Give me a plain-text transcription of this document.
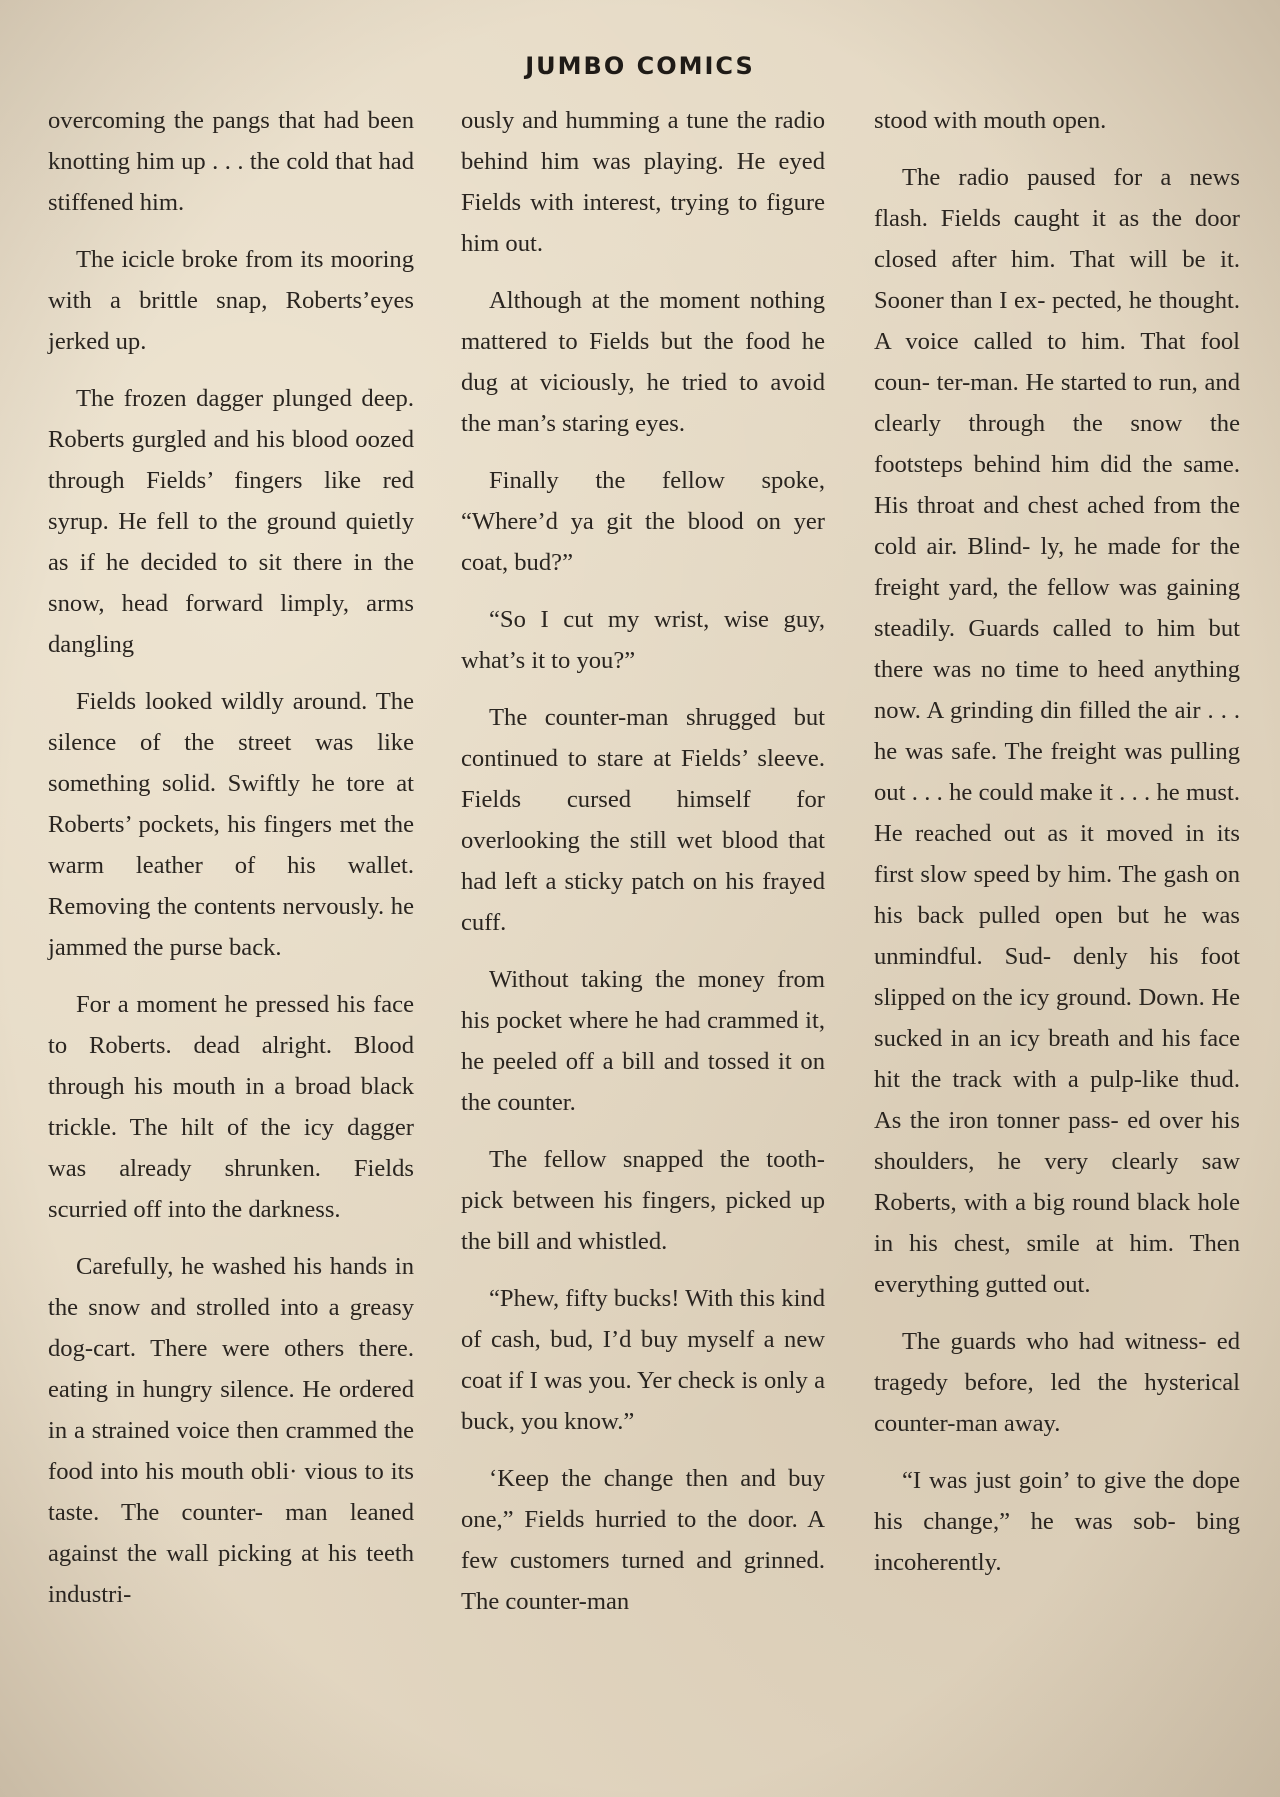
JUMBO COMICS

overcoming the pangs that had been knotting him up . . . the cold that had stiffened him.

The icicle broke from its mooring with a brittle snap, Roberts’eyes jerked up.

The frozen dagger plunged deep. Roberts gurgled and his blood oozed through Fields’ fingers like red syrup. He fell to the ground quietly as if he decided to sit there in the snow, head forward limply, arms dangling

Fields looked wildly around. The silence of the street was like something solid. Swiftly he tore at Roberts’ pockets, his fingers met the warm leather of his wallet. Removing the contents nervously. he jammed the purse back.

For a moment he pressed his face to Roberts. dead alright. Blood through his mouth in a broad black trickle. The hilt of the icy dagger was already shrunken. Fields scurried off into the darkness.

Carefully, he washed his hands in the snow and strolled into a greasy dog-cart. There were others there. eating in hungry silence. He ordered in a strained voice then crammed the food into his mouth obli· vious to its taste. The counter- man leaned against the wall picking at his teeth industri-

ously and humming a tune the radio behind him was playing. He eyed Fields with interest, trying to figure him out.

Although at the moment nothing mattered to Fields but the food he dug at viciously, he tried to avoid the man’s staring eyes.

Finally the fellow spoke, “Where’d ya git the blood on yer coat, bud?”

“So I cut my wrist, wise guy, what’s it to you?”

The counter-man shrugged but continued to stare at Fields’ sleeve. Fields cursed himself for overlooking the still wet blood that had left a sticky patch on his frayed cuff.

Without taking the money from his pocket where he had crammed it, he peeled off a bill and tossed it on the counter.

The fellow snapped the tooth-pick between his fingers, picked up the bill and whistled.

“Phew, fifty bucks! With this kind of cash, bud, I’d buy myself a new coat if I was you. Yer check is only a buck, you know.”

‘Keep the change then and buy one,” Fields hurried to the door. A few customers turned and grinned. The counter-man

stood with mouth open.

The radio paused for a news flash. Fields caught it as the door closed after him. That will be it. Sooner than I ex- pected, he thought. A voice called to him. That fool coun- ter-man. He started to run, and clearly through the snow the footsteps behind him did the same. His throat and chest ached from the cold air. Blind- ly, he made for the freight yard, the fellow was gaining steadily. Guards called to him but there was no time to heed anything now. A grinding din filled the air . . . he was safe. The freight was pulling out . . . he could make it . . . he must. He reached out as it moved in its first slow speed by him. The gash on his back pulled open but he was unmindful. Sud- denly his foot slipped on the icy ground. Down. He sucked in an icy breath and his face hit the track with a pulp-like thud. As the iron tonner pass- ed over his shoulders, he very clearly saw Roberts, with a big round black hole in his chest, smile at him. Then everything gutted out.

The guards who had witness- ed tragedy before, led the hysterical counter-man away.

“I was just goin’ to give the dope his change,” he was sob- bing incoherently.
